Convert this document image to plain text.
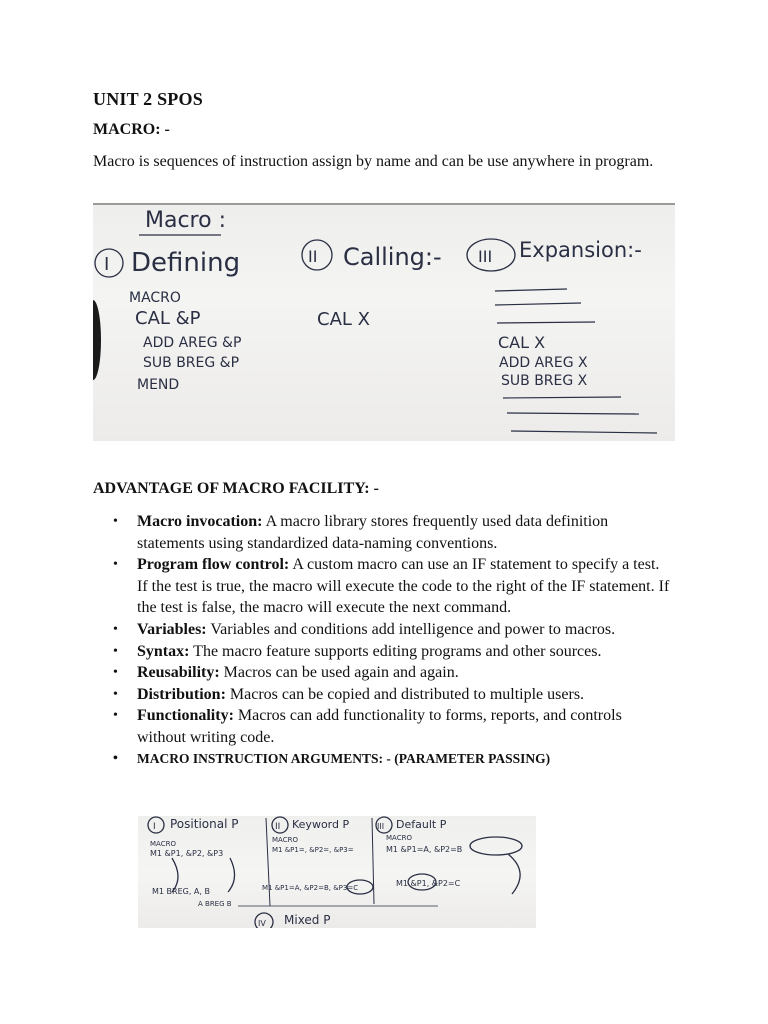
UNIT 2 SPOS
MACRO: -
Macro is sequences of instruction assign by name and can be use anywhere in program.
Macro :
I Defining
MACRO
CAL &P
ADD AREG &P
SUB BREG &P
MEND
II Calling:-
CAL X
III Expansion:-
CAL X
ADD AREG X
SUB BREG X
ADVANTAGE OF MACRO FACILITY: -
• Macro invocation: A macro library stores frequently used data definition statements using standardized data-naming conventions.
• Program flow control: A custom macro can use an IF statement to specify a test. If the test is true, the macro will execute the code to the right of the IF statement. If the test is false, the macro will execute the next command.
• Variables: Variables and conditions add intelligence and power to macros.
• Syntax: The macro feature supports editing programs and other sources.
• Reusability: Macros can be used again and again.
• Distribution: Macros can be copied and distributed to multiple users.
• Functionality: Macros can add functionality to forms, reports, and controls without writing code.
• MACRO INSTRUCTION ARGUMENTS: - (PARAMETER PASSING)
I Positional P
MACRO
M1 &P1, &P2, &P3
M1 BREG, A, B
A BREG B
II Keyword P
MACRO
M1 &P1=, &P2=, &P3=
M1 &P1=A, &P2=B, &P3=C
III Default P
MACRO
M1 &P1=A, &P2=B
M1 &P1, &P2=C
IV Mixed P
